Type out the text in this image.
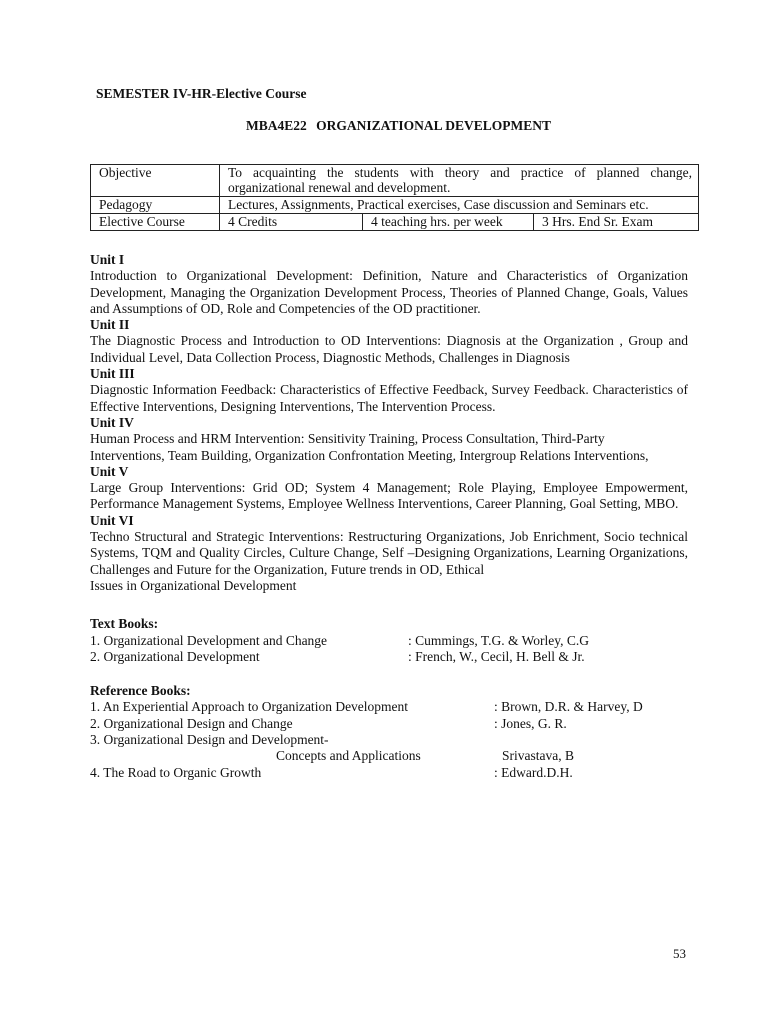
SEMESTER IV-HR-Elective Course
MBA4E22 ORGANIZATIONAL DEVELOPMENT
Objective	To acquainting the students with theory and practice of planned change, organizational renewal and development.		
Pedagogy	Lectures, Assignments, Practical exercises, Case discussion and Seminars etc.		
Elective Course	4 Credits	4 teaching hrs. per week	3 Hrs. End Sr. Exam
Unit I
Introduction to Organizational Development: Definition, Nature and Characteristics of Organization Development, Managing the Organization Development Process, Theories of Planned Change, Goals, Values and Assumptions of OD, Role and Competencies of the OD practitioner.
Unit II
The Diagnostic Process and Introduction to OD Interventions: Diagnosis at the Organization , Group and Individual Level, Data Collection Process, Diagnostic Methods, Challenges in Diagnosis
Unit III
Diagnostic Information Feedback: Characteristics of Effective Feedback, Survey Feedback. Characteristics of Effective Interventions, Designing Interventions, The Intervention Process.
Unit IV
Human Process and HRM Intervention: Sensitivity Training, Process Consultation, Third-Party
Interventions, Team Building, Organization Confrontation Meeting, Intergroup Relations Interventions,
Unit V
Large Group Interventions: Grid OD; System 4 Management; Role Playing, Employee Empowerment, Performance Management Systems, Employee Wellness Interventions, Career Planning, Goal Setting, MBO.
Unit VI
Techno Structural and Strategic Interventions: Restructuring Organizations, Job Enrichment, Socio technical Systems, TQM and Quality Circles, Culture Change, Self –Designing Organizations, Learning Organizations, Challenges and Future for the Organization, Future trends in OD, Ethical
Issues in Organizational Development
Text Books:
1. Organizational Development and Change	: Cummings, T.G. & Worley, C.G
2. Organizational Development	: French, W., Cecil, H. Bell & Jr.
Reference Books:
1. An Experiential Approach to Organization Development	: Brown, D.R. & Harvey, D
2. Organizational Design and Change	: Jones, G. R.
3. Organizational Design and Development-
Concepts and Applications	Srivastava, B
4. The Road to Organic Growth	: Edward.D.H.
53
